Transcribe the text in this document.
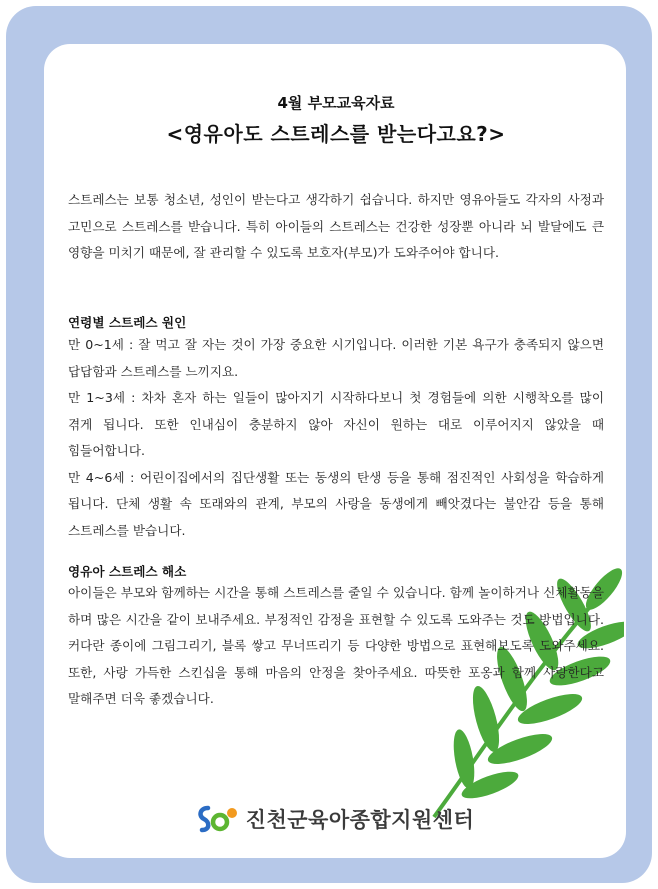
4월 부모교육자료
<영유아도 스트레스를 받는다고요?>

스트레스는 보통 청소년, 성인이 받는다고 생각하기 쉽습니다. 하지만 영유아들도 각자의 사정과 고민으로 스트레스를 받습니다. 특히 아이들의 스트레스는 건강한 성장뿐 아니라 뇌 발달에도 큰 영향을 미치기 때문에, 잘 관리할 수 있도록 보호자(부모)가 도와주어야 합니다.

연령별 스트레스 원인

만 0~1세 : 잘 먹고 잘 자는 것이 가장 중요한 시기입니다. 이러한 기본 욕구가 충족되지 않으면 답답함과 스트레스를 느끼지요.

만 1~3세 : 차차 혼자 하는 일들이 많아지기 시작하다보니 첫 경험들에 의한 시행착오를 많이 겪게 됩니다. 또한 인내심이 충분하지 않아 자신이 원하는 대로 이루어지지 않았을 때 힘들어합니다.

만 4~6세 : 어린이집에서의 집단생활 또는 동생의 탄생 등을 통해 점진적인 사회성을 학습하게 됩니다. 단체 생활 속 또래와의 관계, 부모의 사랑을 동생에게 빼앗겼다는 불안감 등을 통해 스트레스를 받습니다.

영유아 스트레스 해소

아이들은 부모와 함께하는 시간을 통해 스트레스를 줄일 수 있습니다. 함께 놀이하거나 신체활동을 하며 많은 시간을 같이 보내주세요. 부정적인 감정을 표현할 수 있도록 도와주는 것도 방법입니다. 커다란 종이에 그림그리기, 블록 쌓고 무너뜨리기 등 다양한 방법으로 표현해보도록 도와주세요. 또한, 사랑 가득한 스킨십을 통해 마음의 안정을 찾아주세요. 따뜻한 포옹과 함께 사랑한다고 말해주면 더욱 좋겠습니다.

진천군육아종합지원센터
